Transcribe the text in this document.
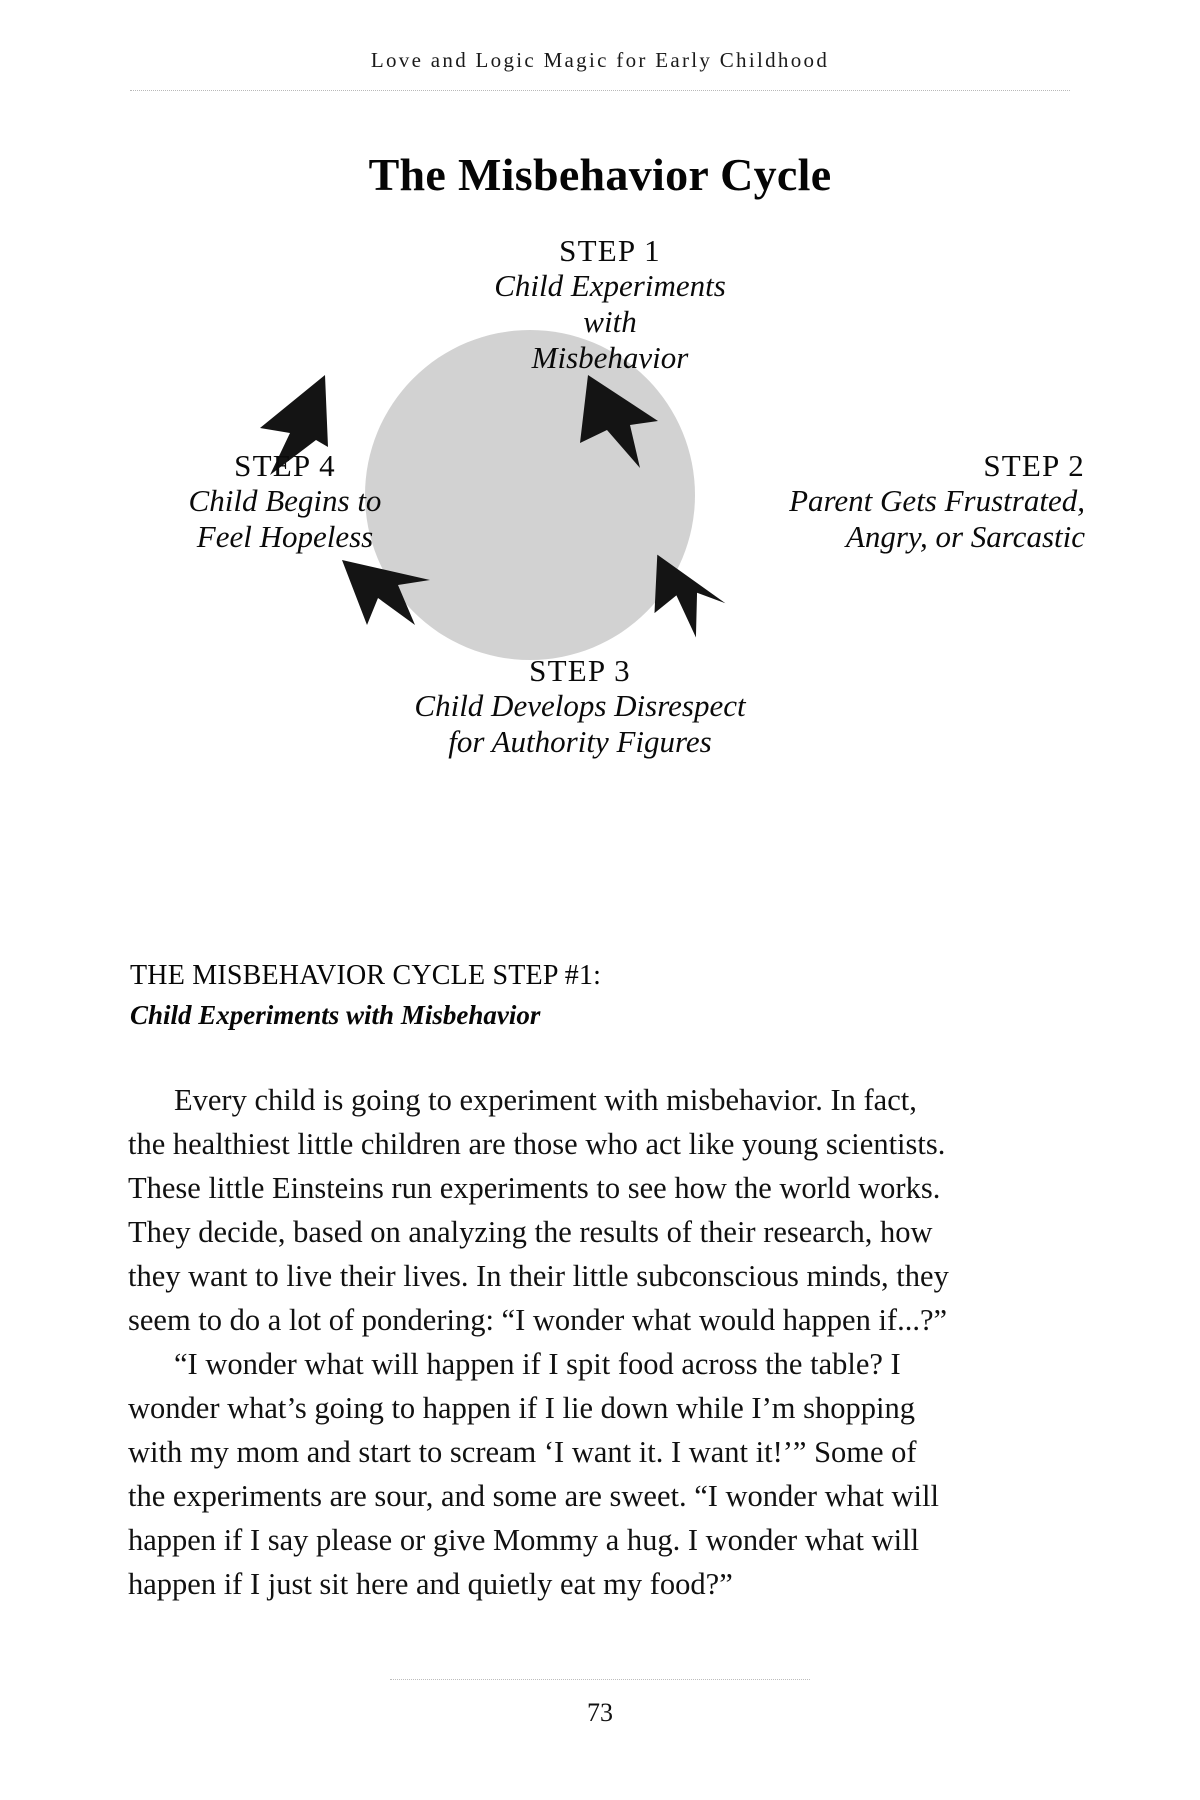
Love and Logic Magic for Early Childhood
The Misbehavior Cycle
STEP 1
Child Experiments
with
Misbehavior
STEP 2
Parent Gets Frustrated,
Angry, or Sarcastic
STEP 3
Child Develops Disrespect
for Authority Figures
STEP 4
Child Begins to
Feel Hopeless
THE MISBEHAVIOR CYCLE STEP #1:
Child Experiments with Misbehavior

Every child is going to experiment with misbehavior. In fact, the healthiest little children are those who act like young scientists. These little Einsteins run experiments to see how the world works. They decide, based on analyzing the results of their research, how they want to live their lives. In their little subconscious minds, they seem to do a lot of pondering: “I wonder what would happen if...?”

“I wonder what will happen if I spit food across the table? I wonder what’s going to happen if I lie down while I’m shopping with my mom and start to scream ‘I want it. I want it!’” Some of the experiments are sour, and some are sweet. “I wonder what will happen if I say please or give Mommy a hug. I wonder what will happen if I just sit here and quietly eat my food?”

73
